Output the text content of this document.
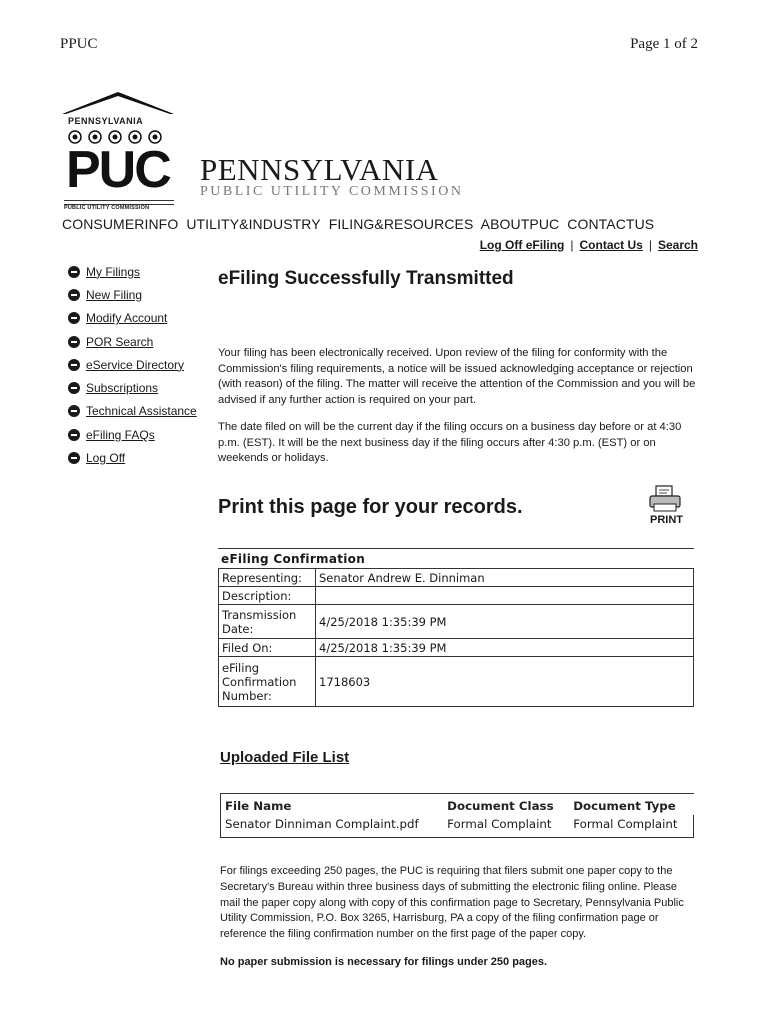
PPUC	Page 1 of 2
PENNSYLVANIA
PUC
PUBLIC UTILITY COMMISSION
PENNSYLVANIA
PUBLIC UTILITY COMMISSION
CONSUMERINFO UTILITY&INDUSTRY FILING&RESOURCES ABOUTPUC CONTACTUS
Log Off eFiling | Contact Us | Search
My Filings
New Filing
Modify Account
POR Search
eService Directory
Subscriptions
Technical Assistance
eFiling FAQs
Log Off
eFiling Successfully Transmitted
Your filing has been electronically received. Upon review of the filing for conformity with the Commission's filing requirements, a notice will be issued acknowledging acceptance or rejection (with reason) of the filing. The matter will receive the attention of the Commission and you will be advised if any further action is required on your part.
The date filed on will be the current day if the filing occurs on a business day before or at 4:30 p.m. (EST). It will be the next business day if the filing occurs after 4:30 p.m. (EST) or on weekends or holidays.
Print this page for your records.
PRINT
eFiling Confirmation
Representing:	Senator Andrew E. Dinniman
Description:	
Transmission Date:	4/25/2018 1:35:39 PM
Filed On:	4/25/2018 1:35:39 PM
eFiling Confirmation Number:	1718603
Uploaded File List
File Name	Document Class	Document Type
Senator Dinniman Complaint.pdf	Formal Complaint	Formal Complaint
For filings exceeding 250 pages, the PUC is requiring that filers submit one paper copy to the Secretary's Bureau within three business days of submitting the electronic filing online. Please mail the paper copy along with copy of this confirmation page to Secretary, Pennsylvania Public Utility Commission, P.O. Box 3265, Harrisburg, PA a copy of the filing confirmation page or reference the filing confirmation number on the first page of the paper copy.
No paper submission is necessary for filings under 250 pages.
